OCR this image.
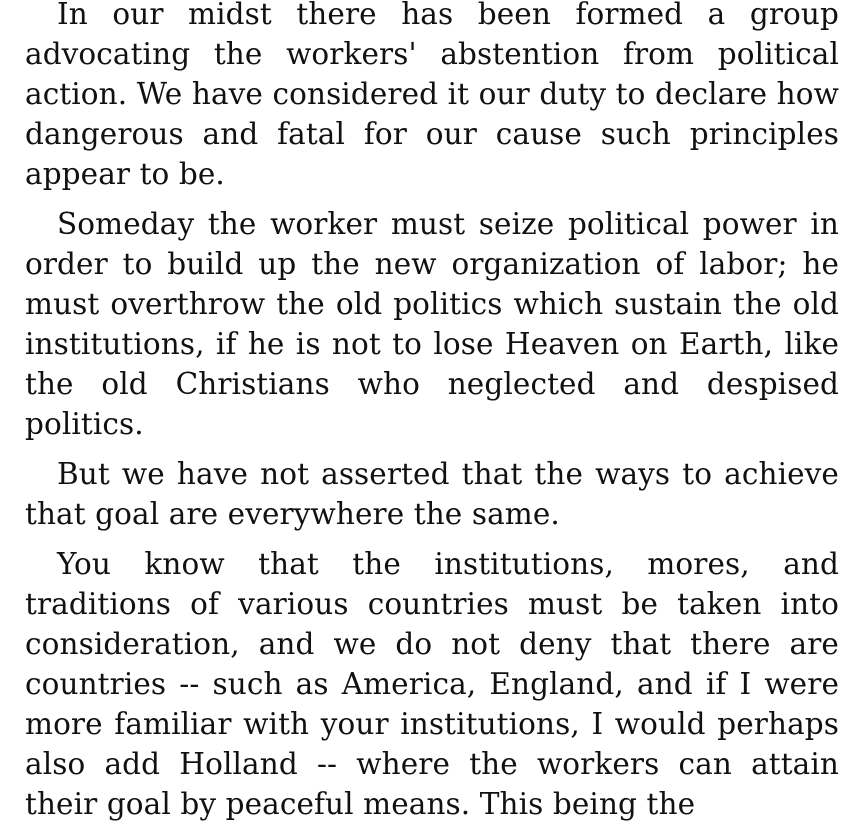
In our midst there has been formed a group advocating the workers' abstention from political action. We have considered it our duty to declare how dangerous and fatal for our cause such principles appear to be.

Someday the worker must seize political power in order to build up the new organization of labor; he must overthrow the old politics which sustain the old institutions, if he is not to lose Heaven on Earth, like the old Christians who neglected and despised politics.

But we have not asserted that the ways to achieve that goal are everywhere the same.

You know that the institutions, mores, and traditions of various countries must be taken into consideration, and we do not deny that there are countries -- such as America, England, and if I were more familiar with your institutions, I would perhaps also add Holland -- where the workers can attain their goal by peaceful means. This being the
